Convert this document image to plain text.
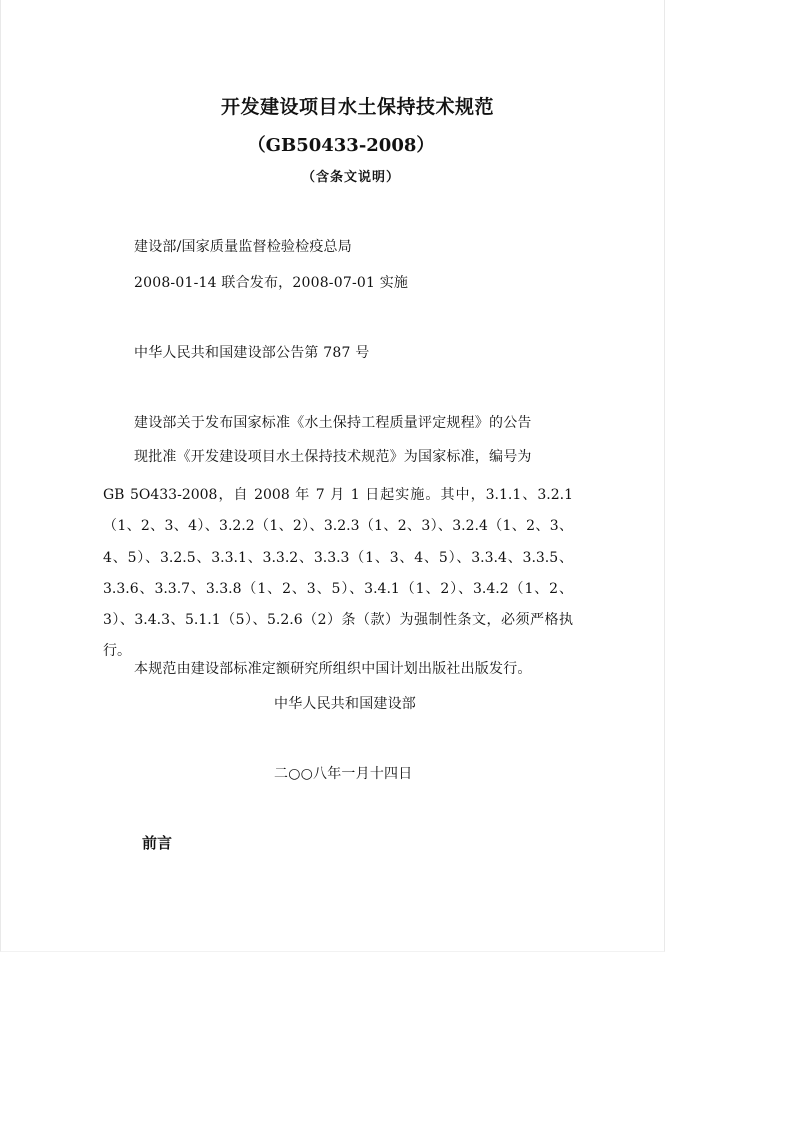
开发建设项目水土保持技术规范
（GB50433-2008）
（含条文说明）
建设部/国家质量监督检验检疫总局
2008-01-14 联合发布，2008-07-01 实施
中华人民共和国建设部公告第 787 号
建设部关于发布国家标准《水土保持工程质量评定规程》的公告
现批准《开发建设项目水土保持技术规范》为国家标准，编号为
GB 5O433-2008，自 2008 年 7 月 1 日起实施。其中，3.1.1、3.2.1（1、2、3、4）、3.2.2（1、2）、3.2.3（1、2、3）、3.2.4（1、2、3、4、5）、3.2.5、3.3.1、3.3.2、3.3.3（1、3、4、5）、3.3.4、3.3.5、3.3.6、3.3.7、3.3.8（1、2、3、5）、3.4.1（1、2）、3.4.2（1、2、3）、3.4.3、5.1.1（5）、5.2.6（2）条（款）为强制性条文，必须严格执行。
本规范由建设部标准定额研究所组织中国计划出版社出版发行。
中华人民共和国建设部
二○○八年一月十四日
前言
